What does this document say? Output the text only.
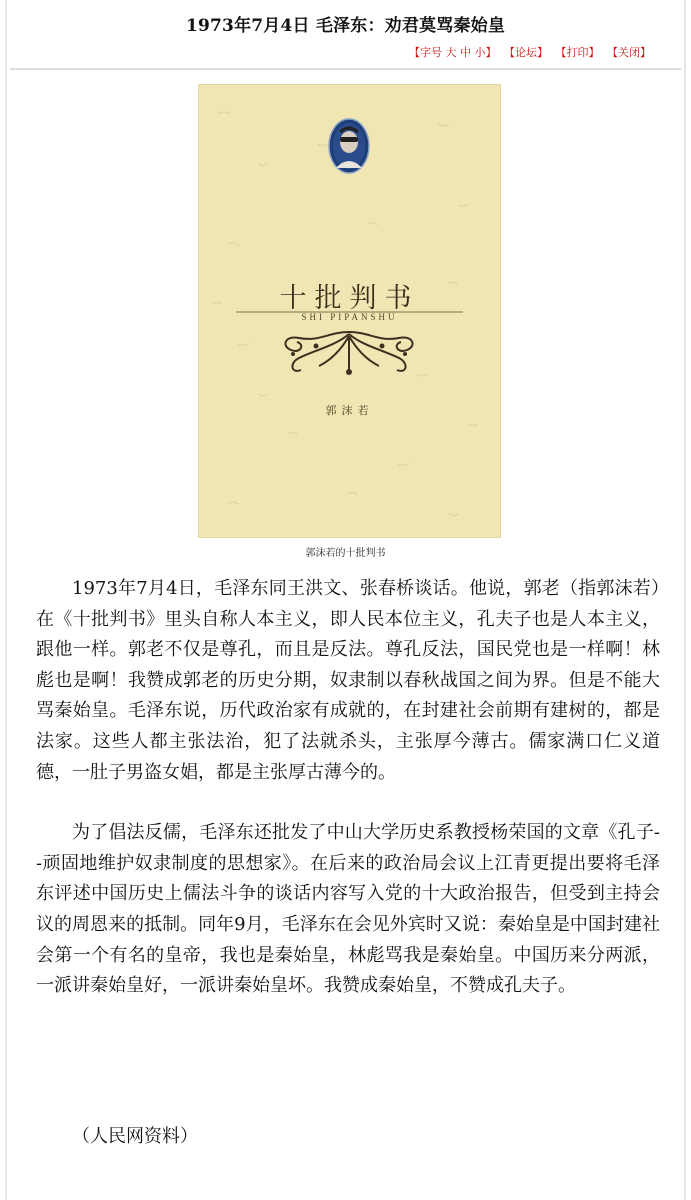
1973年7月4日 毛泽东：劝君莫骂秦始皇
【字号 大 中 小】 【论坛】 【打印】 【关闭】
十批判书
SHI PIPANSHU
郭沫若
郭沫若的十批判书

1973年7月4日，毛泽东同王洪文、张春桥谈话。他说，郭老（指郭沫若）在《十批判书》里头自称人本主义，即人民本位主义，孔夫子也是人本主义，跟他一样。郭老不仅是尊孔，而且是反法。尊孔反法，国民党也是一样啊！林彪也是啊！我赞成郭老的历史分期，奴隶制以春秋战国之间为界。但是不能大骂秦始皇。毛泽东说，历代政治家有成就的，在封建社会前期有建树的，都是法家。这些人都主张法治，犯了法就杀头，主张厚今薄古。儒家满口仁义道德，一肚子男盗女娼，都是主张厚古薄今的。

为了倡法反儒，毛泽东还批发了中山大学历史系教授杨荣国的文章《孔子--顽固地维护奴隶制度的思想家》。在后来的政治局会议上江青更提出要将毛泽东评述中国历史上儒法斗争的谈话内容写入党的十大政治报告，但受到主持会议的周恩来的抵制。同年9月，毛泽东在会见外宾时又说：秦始皇是中国封建社会第一个有名的皇帝，我也是秦始皇，林彪骂我是秦始皇。中国历来分两派，一派讲秦始皇好，一派讲秦始皇坏。我赞成秦始皇，不赞成孔夫子。

（人民网资料）
